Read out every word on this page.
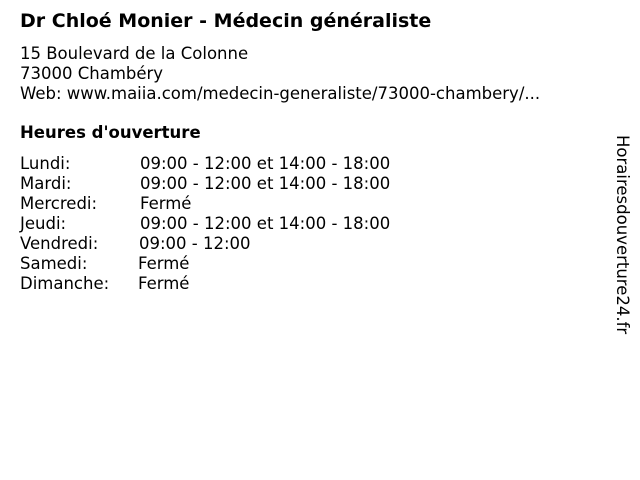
Dr Chloé Monier - Médecin généraliste
15 Boulevard de la Colonne
73000 Chambéry
Web: www.maiia.com/medecin-generaliste/73000-chambery/...
Heures d'ouverture
Lundi:	09:00 - 12:00 et 14:00 - 18:00
Mardi:	09:00 - 12:00 et 14:00 - 18:00
Mercredi:	Fermé
Jeudi:	09:00 - 12:00 et 14:00 - 18:00
Vendredi: 09:00 - 12:00
Samedi:	Fermé
Dimanche: Fermé	Horairesdouverture24.fr
